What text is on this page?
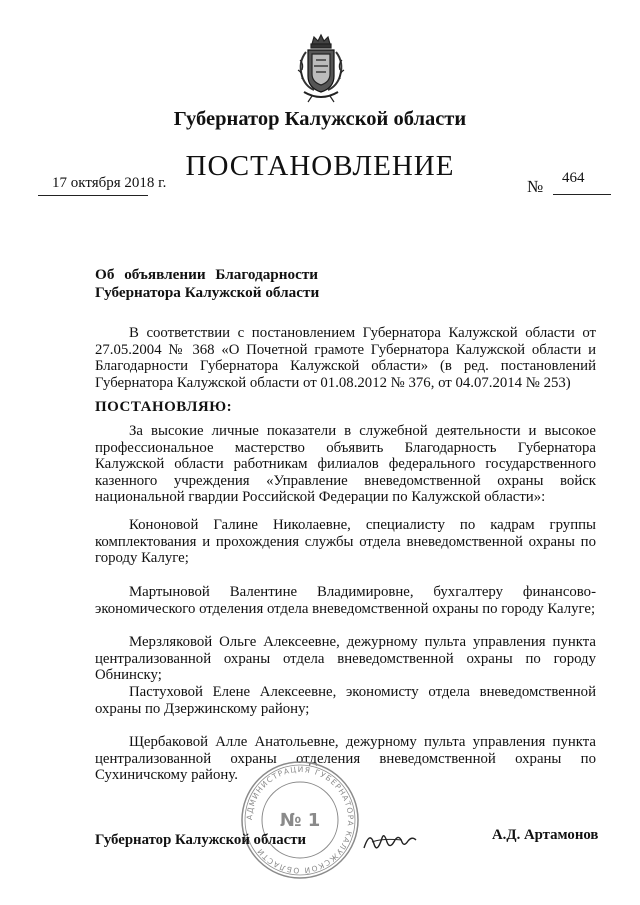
Губернатор Калужской области
ПОСТАНОВЛЕНИЕ
17 октября 2018 г.	№ 464
Об объявлении Благодарности
Губернатора Калужской области
В соответствии с постановлением Губернатора Калужской области от 27.05.2004 № 368 «О Почетной грамоте Губернатора Калужской области и Благодарности Губернатора Калужской области» (в ред. постановлений Губернатора Калужской области от 01.08.2012 № 376, от 04.07.2014 № 253)
ПОСТАНОВЛЯЮ:
За высокие личные показатели в служебной деятельности и высокое профессиональное мастерство объявить Благодарность Губернатора Калужской области работникам филиалов федерального государственного казенного учреждения «Управление вневедомственной охраны войск национальной гвардии Российской Федерации по Калужской области»:
Кононовой Галине Николаевне, специалисту по кадрам группы комплектования и прохождения службы отдела вневедомственной охраны по городу Калуге;
Мартыновой Валентине Владимировне, бухгалтеру финансово-экономического отделения отдела вневедомственной охраны по городу Калуге;
Мерзляковой Ольге Алексеевне, дежурному пульта управления пункта централизованной охраны отдела вневедомственной охраны по городу Обнинску;
Пастуховой Елене Алексеевне, экономисту отдела вневедомственной охраны по Дзержинскому району;
Щербаковой Алле Анатольевне, дежурному пульта управления пункта централизованной охраны отделения вневедомственной охраны по Сухиничскому району.
АДМИНИСТРАЦИЯ ГУБЕРНАТОРА КАЛУЖСКОЙ ОБЛАСТИ
№ 1
Губернатор Калужской области	А.Д. Артамонов
